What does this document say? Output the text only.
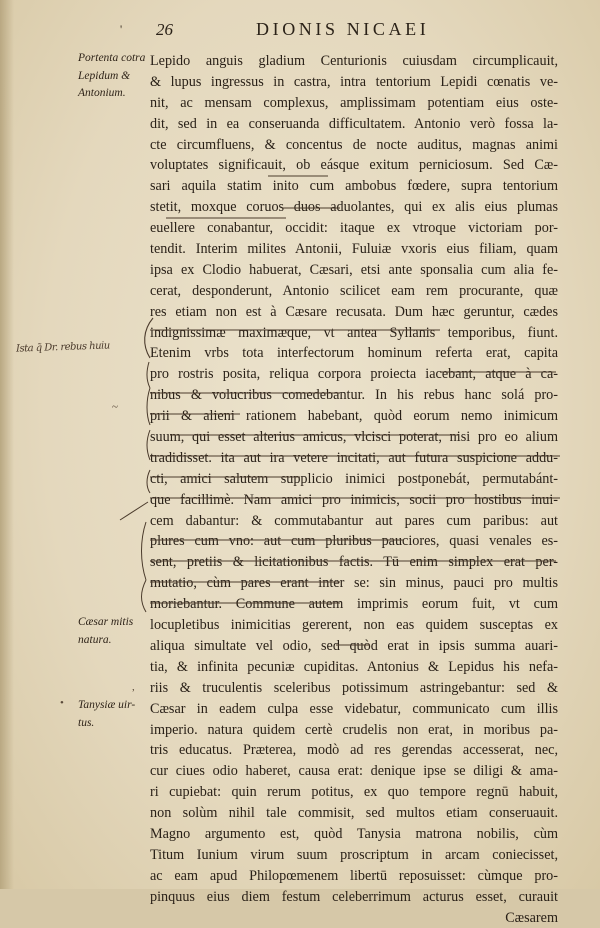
' 26	DIONIS NICAEI
Portenta cotra
Lepidum &
Antonium.
Cæsar mitis
natura.
Tanysiæ uir-
tus.
Ista q̃ Dr. rebus huiu
•
~
,
Lepido anguis gladium Centurionis cuiusdam circumplicauit,
& lupus ingressus in castra, intra tentorium Lepidi cœnatis ve-
nit, ac mensam complexus, amplissimam potentiam eius oste-
dit, sed in ea conseruanda difficultatem. Antonio verò fossa la-
cte circumfluens, & concentus de nocte auditus, magnas animi
voluptates significauit, ob eásque exitum perniciosum. Sed Cæ-
sari aquila statim inito cum ambobus fœdere, supra tentorium
stetit, moxque coruos duos aduolantes, qui ex alis eius plumas
euellere conabantur, occidit: itaque ex vtroque victoriam por-
tendit. Interim milites Antonii, Fuluiæ vxoris eius filiam, quam
ipsa ex Clodio habuerat, Cæsari, etsi ante sponsalia cum alia fe-
cerat, desponderunt, Antonio scilicet eam rem procurante, quæ
res etiam non est à Cæsare recusata. Dum hæc geruntur, cædes
indignissimæ maximæque, vt antea Syllanis temporibus, fiunt.
Etenim vrbs tota interfectorum hominum referta erat, capita
pro rostris posita, reliqua corpora proiecta iacebant, atque à ca-
nibus & volucribus comedebantur. In his rebus hanc solá pro-
prii & alieni rationem habebant, quòd eorum nemo inimicum
suum, qui esset alterius amicus, vlcisci poterat, nisi pro eo alium
tradidisset. ita aut ira vetere incitati, aut futura suspicione addu-
cti, amici salutem supplicio inimici postponebát, permutabánt-
que facillimè. Nam amici pro inimicis, socii pro hostibus inui-
cem dabantur: & commutabantur aut pares cum paribus: aut
plures cum vno: aut cum pluribus pauciores, quasi venales es-
sent, pretiis & licitationibus factis. Tū enim simplex erat per-
mutatio, cùm pares erant inter se: sin minus, pauci pro multis
moriebantur. Commune autem imprimis eorum fuit, vt cum
locupletibus inimicitias gererent, non eas quidem susceptas ex
aliqua simultate vel odio, sed quòd erat in ipsis summa auari-
tia, & infinita pecuniæ cupiditas. Antonius & Lepidus his nefa-
riis & truculentis sceleribus potissimum astringebantur: sed &
Cæsar in eadem culpa esse videbatur, communicato cum illis
imperio. natura quidem certè crudelis non erat, in moribus pa-
tris educatus. Præterea, modò ad res gerendas accesserat, nec,
cur ciues odio haberet, causa erat: denique ipse se diligi & ama-
ri cupiebat: quin rerum potitus, ex quo tempore regnū habuit,
non solùm nihil tale commisit, sed multos etiam conseruauit.
Magno argumento est, quòd Tanysia matrona nobilis, cùm
Titum Iunium virum suum proscriptum in arcam coniecisset,
ac eam apud Philopœmenem libertū reposuisset: cùmque pro-
pinquus eius diem festum celeberrimum acturus esset, curauit
Cæsarem
